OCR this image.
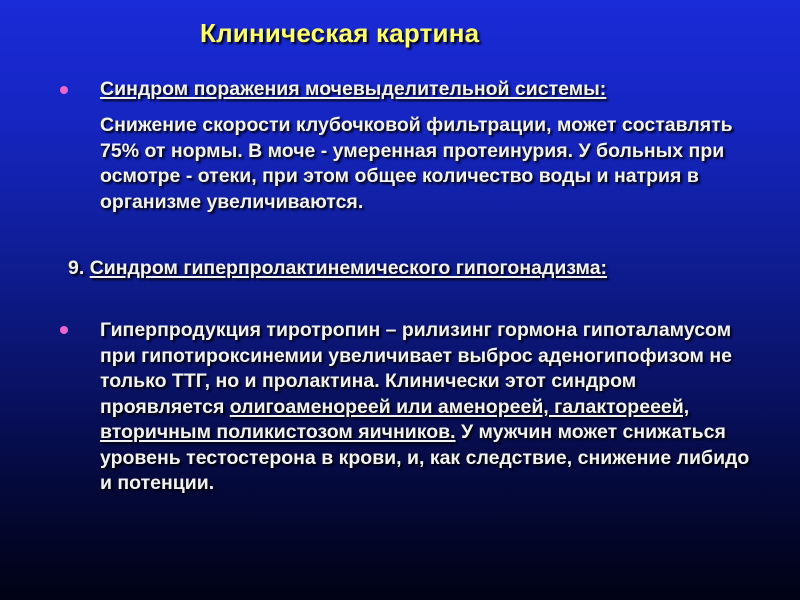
Клиническая картина
Синдром поражения мочевыделительной системы:
Снижение скорости клубочковой фильтрации, может составлять 75% от нормы. В моче - умеренная протеинурия. У больных при осмотре - отеки, при этом общее количество воды и натрия в организме увеличиваются.
9. Синдром гиперпролактинемического гипогонадизма:
Гиперпродукция тиротропин – рилизинг гормона гипоталамусом при гипотироксинемии увеличивает выброс аденогипофизом не только ТТГ, но и пролактина. Клинически этот синдром проявляется олигоаменореей или аменореей, галакторееей, вторичным поликистозом яичников. У мужчин может снижаться уровень тестостерона в крови, и, как следствие, снижение либидо и потенции.
